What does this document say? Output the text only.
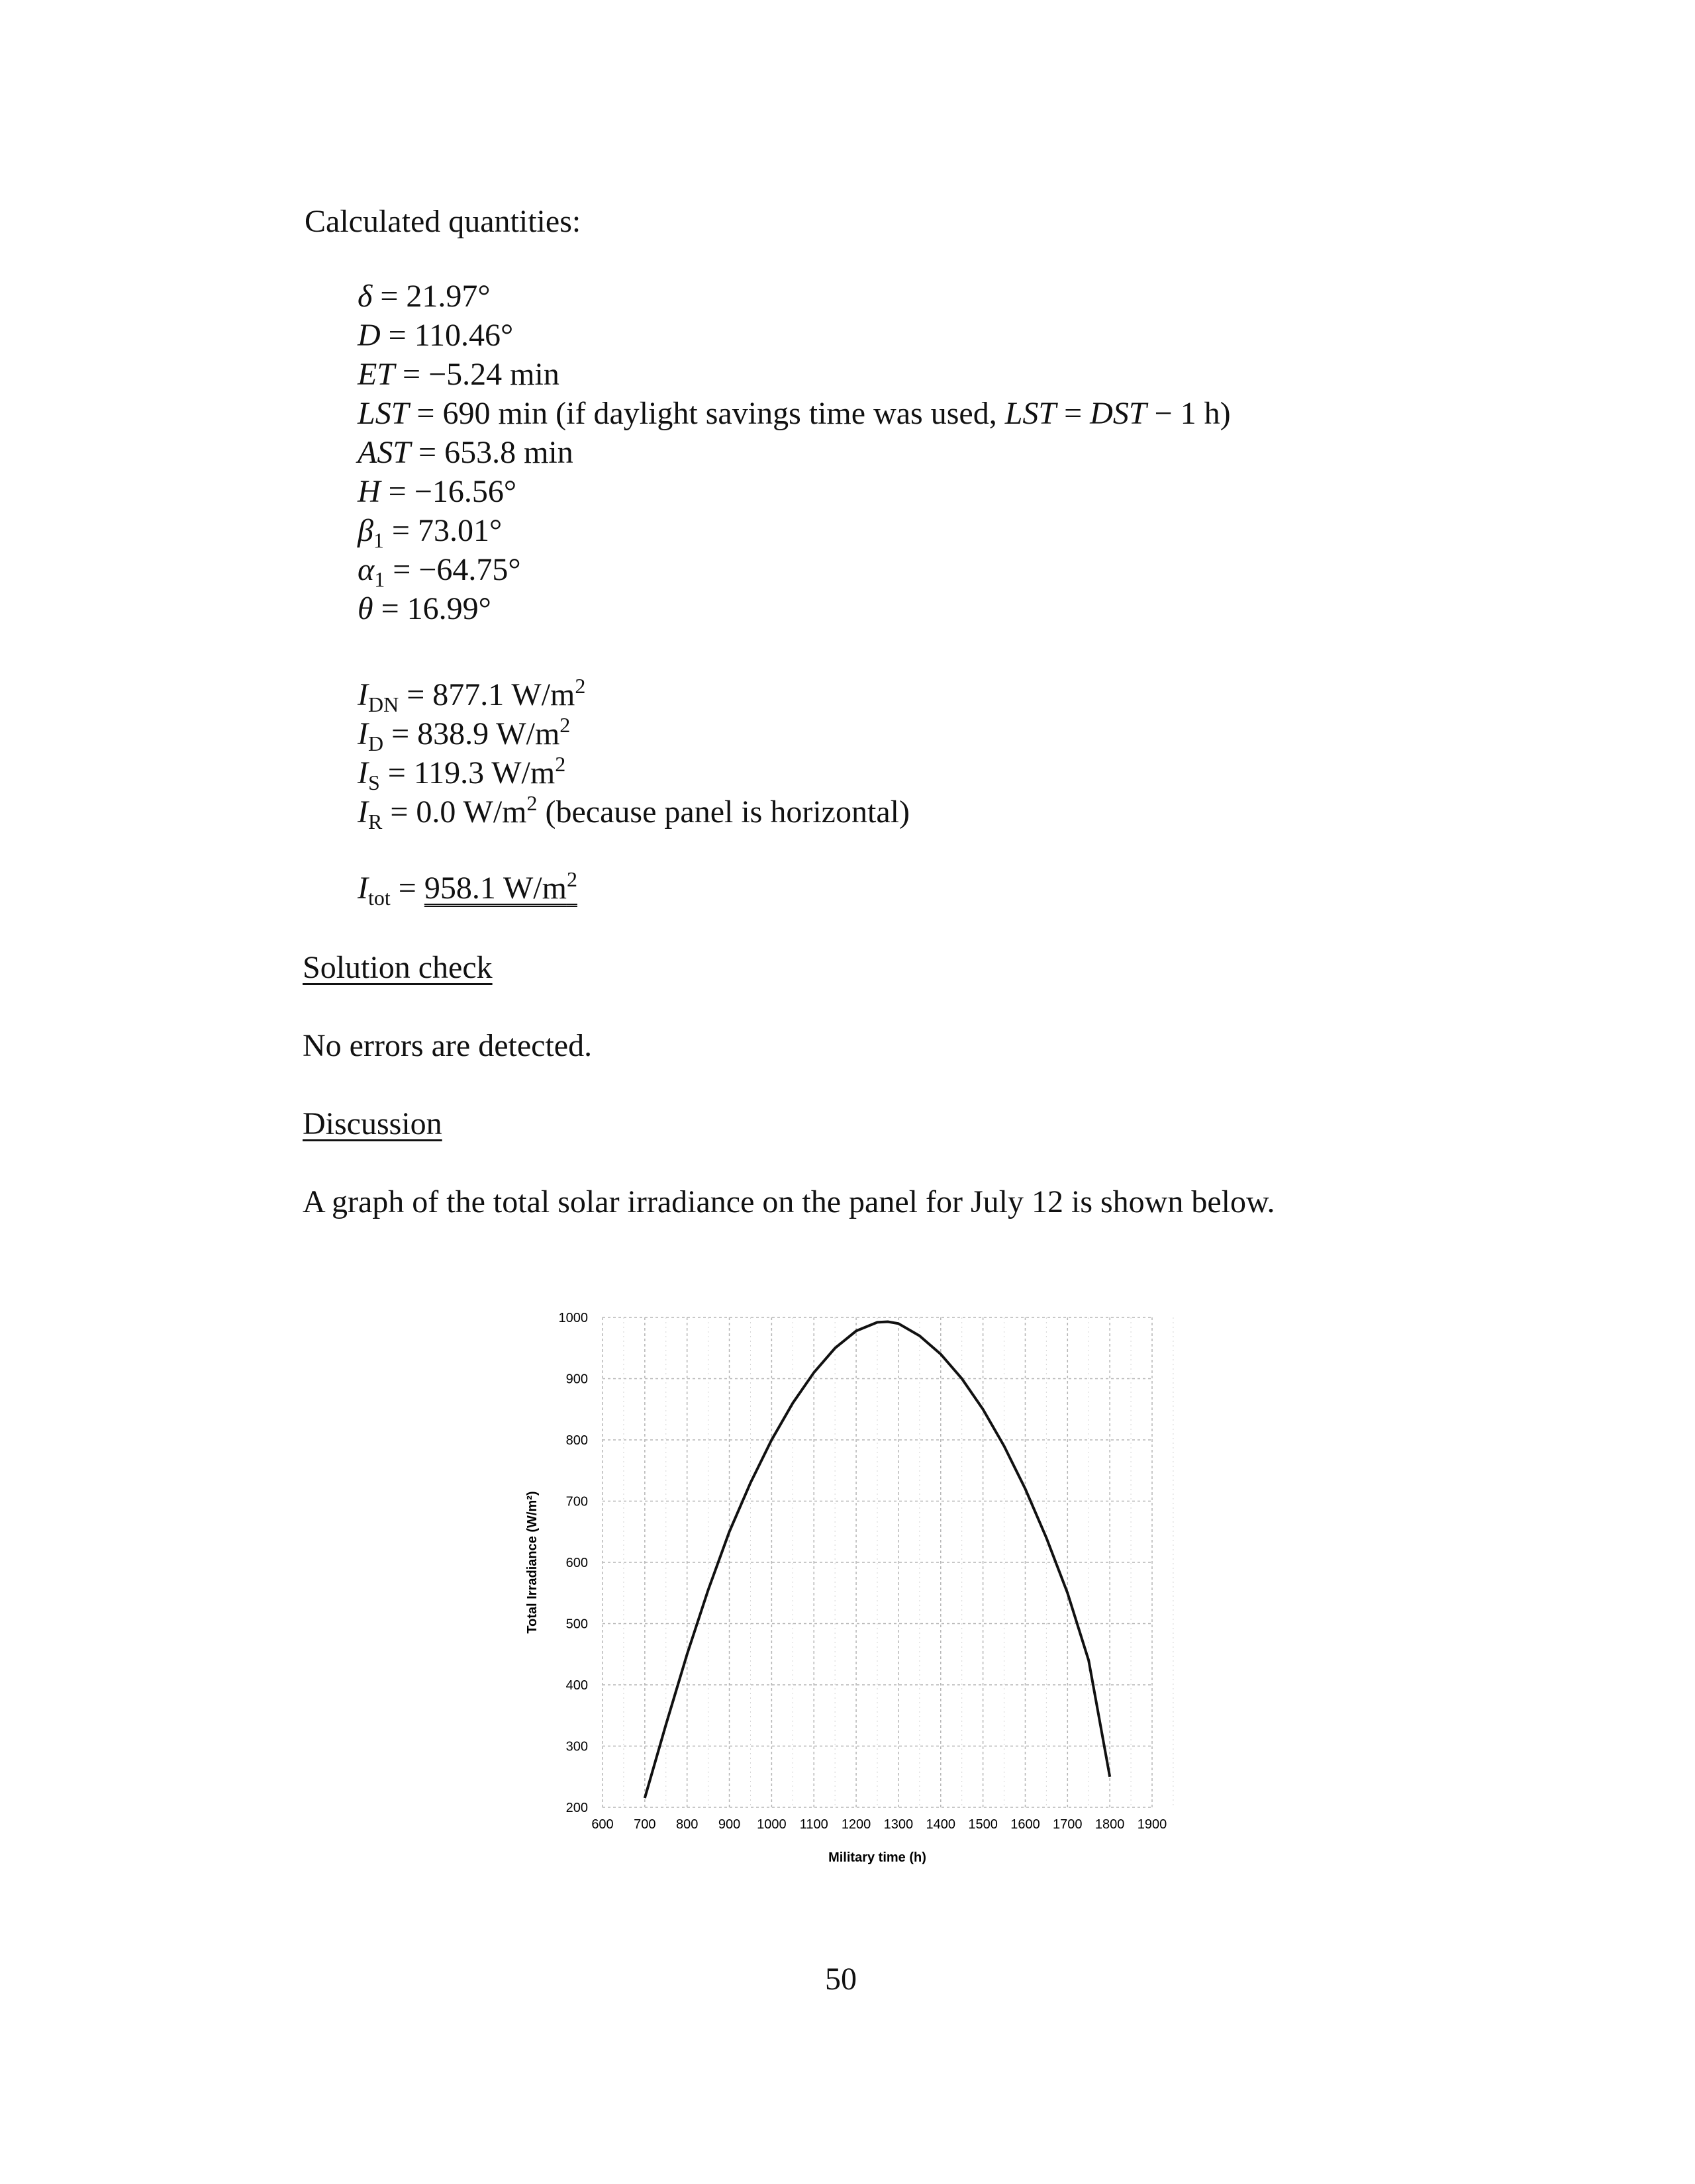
Calculated quantities:
δ = 21.97°
D = 110.46°
ET = −5.24 min
LST = 690 min (if daylight savings time was used, LST = DST − 1 h)
AST = 653.8 min
H = −16.56°
$\beta_1 = 73.01^\circ$
$\alpha_1 = -64.75^\circ$
θ = 16.99°
$I_{DN} = 877.1$ $W/m^2$
$I_D = 838.9$ $W/m^2$
$I_S = 119.3$ $W/m^2$
$I_R = 0.0$ $W/m^2$ (because panel is horizontal)
$I_{tot} = 958.1$ $W/m^2$
Solution check
No errors are detected.
Discussion
A graph of the total solar irradiance on the panel for July 12 is shown below.
200
300
400
500
600
700
800
900
1000
600 700 800 900 1000 1100 1200 1300 1400 1500 1600 1700 1800 1900
Total Irradiance (W/m²)
Military time (h)
50
